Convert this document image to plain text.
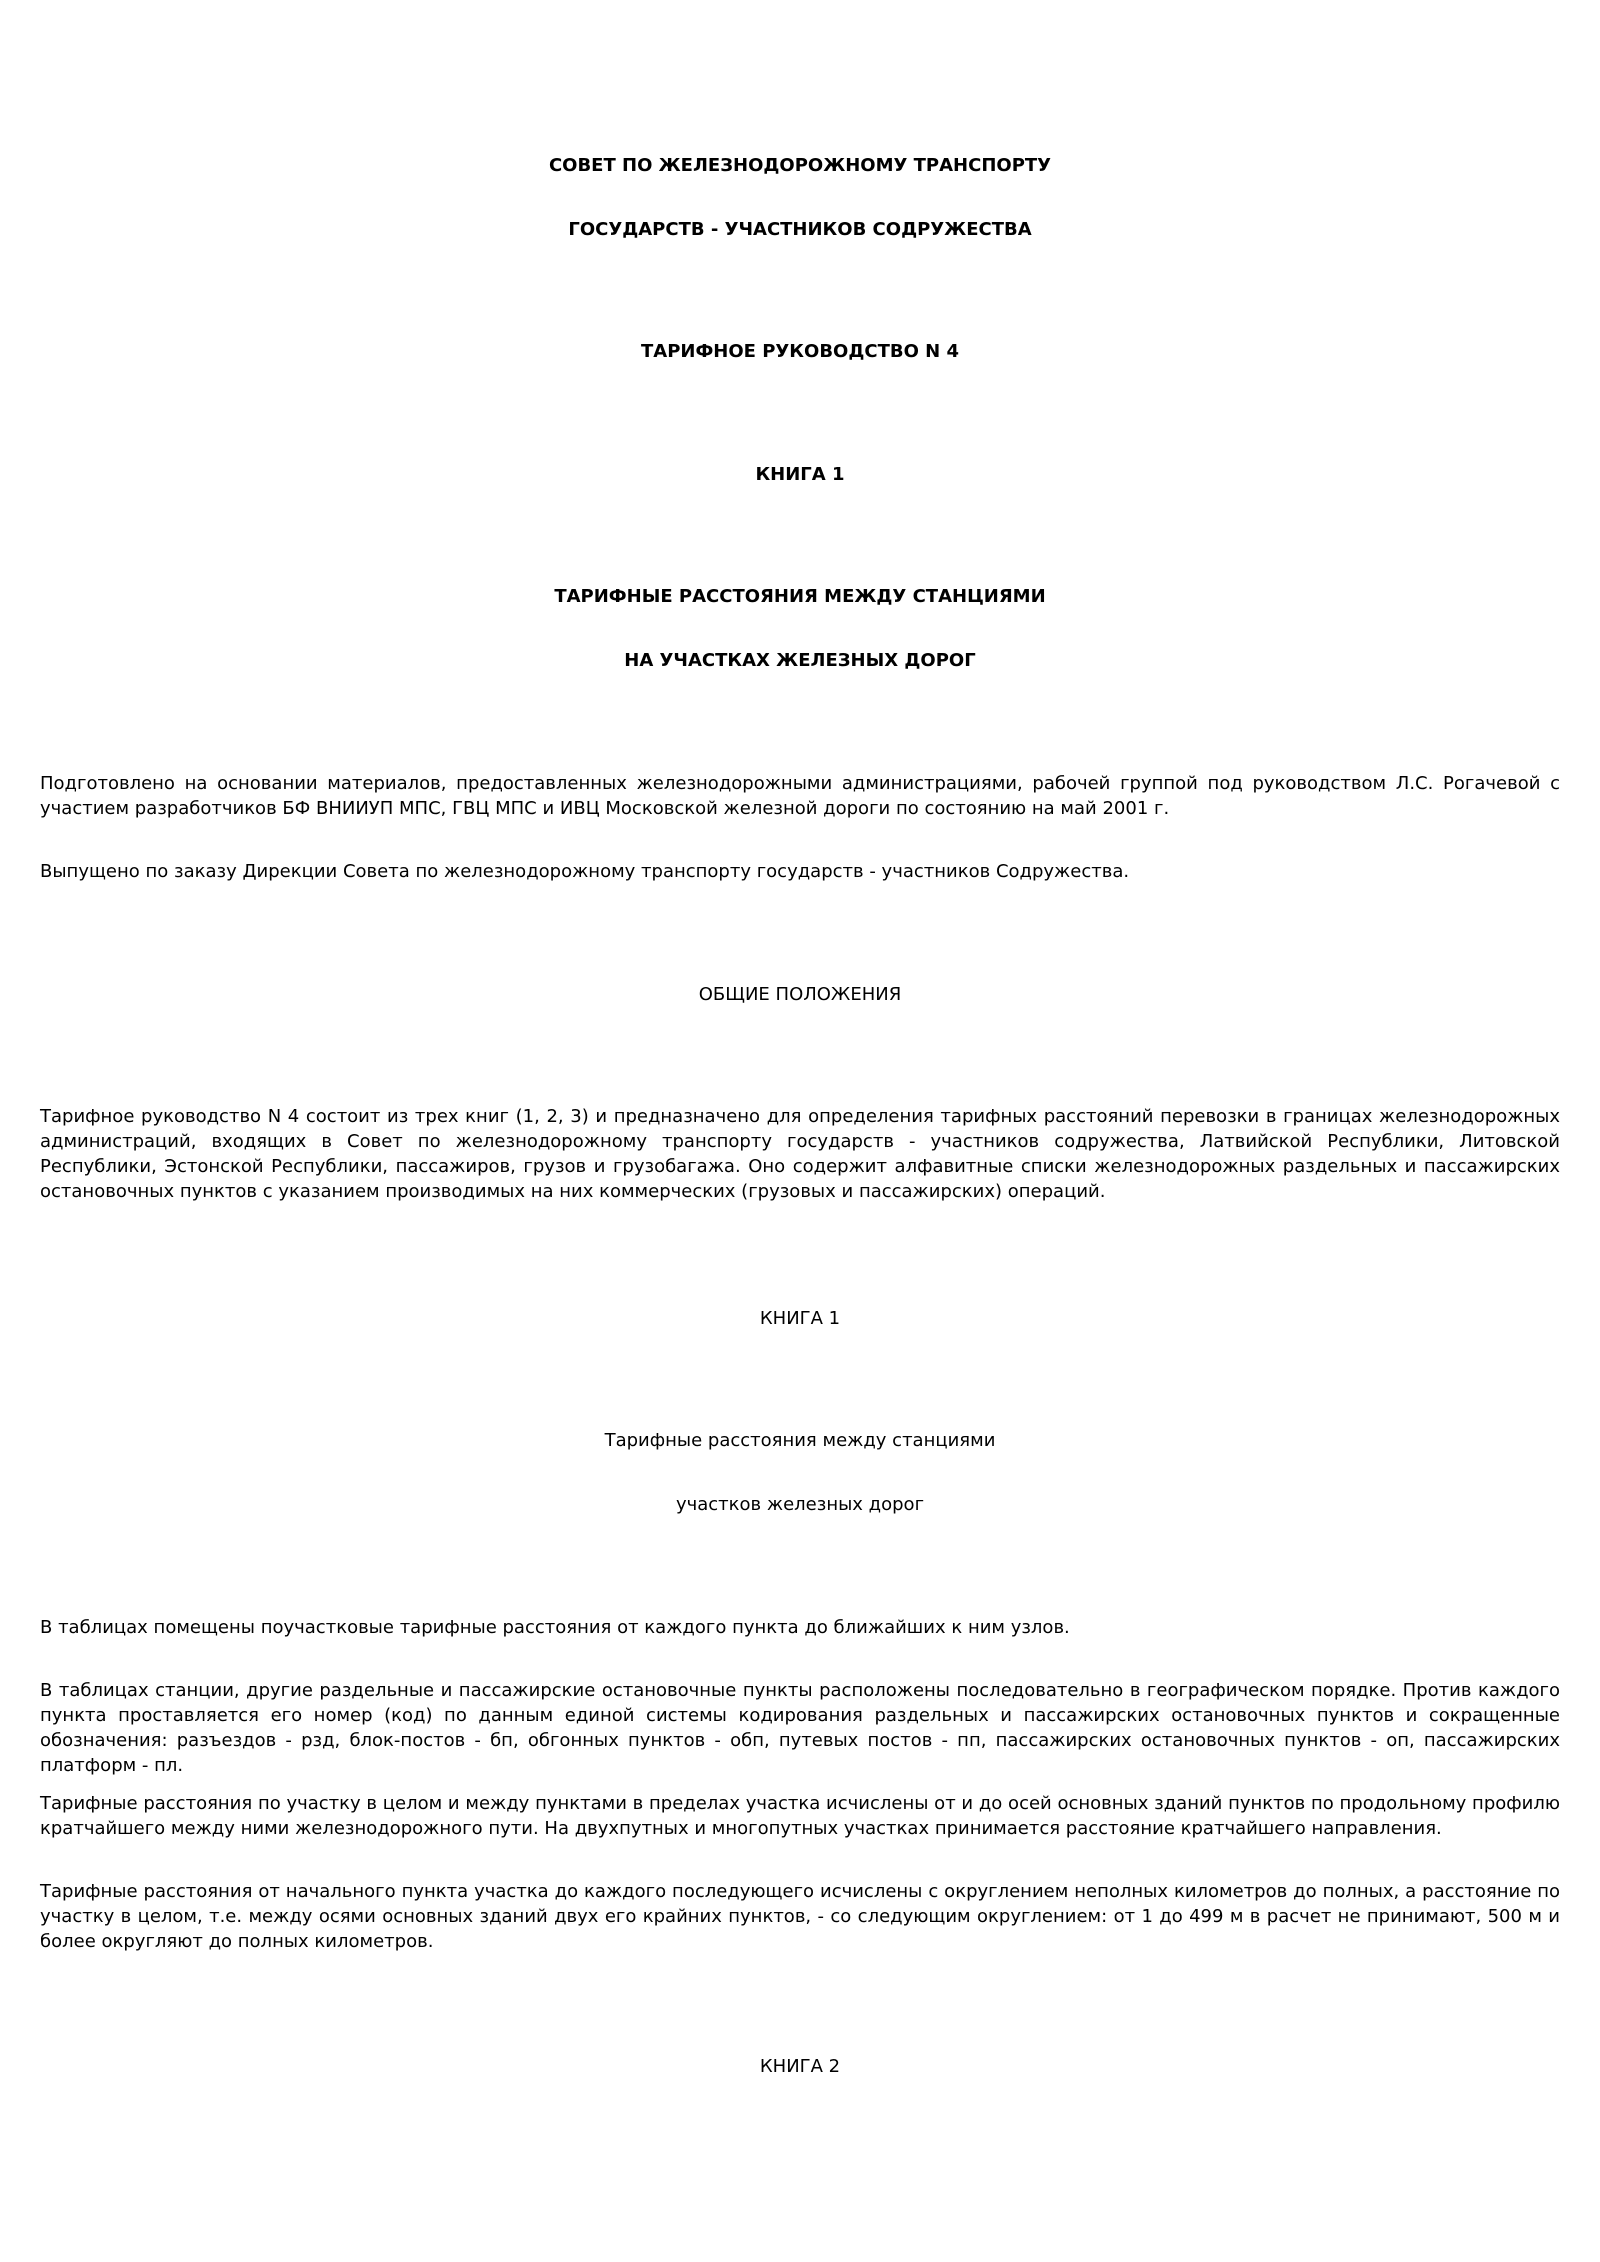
СОВЕТ ПО ЖЕЛЕЗНОДОРОЖНОМУ ТРАНСПОРТУ
ГОСУДАРСТВ - УЧАСТНИКОВ СОДРУЖЕСТВА
ТАРИФНОЕ РУКОВОДСТВО N 4
КНИГА 1
ТАРИФНЫЕ РАССТОЯНИЯ МЕЖДУ СТАНЦИЯМИ
НА УЧАСТКАХ ЖЕЛЕЗНЫХ ДОРОГ

Подготовлено на основании материалов, предоставленных железнодорожными администрациями, рабочей группой под руководством Л.С. Рогачевой с участием разработчиков БФ ВНИИУП МПС, ГВЦ МПС и ИВЦ Московской железной дороги по состоянию на май 2001 г.

Выпущено по заказу Дирекции Совета по железнодорожному транспорту государств - участников Содружества.

ОБЩИЕ ПОЛОЖЕНИЯ

Тарифное руководство N 4 состоит из трех книг (1, 2, 3) и предназначено для определения тарифных расстояний перевозки в границах железнодорожных администраций, входящих в Совет по железнодорожному транспорту государств - участников содружества, Латвийской Республики, Литовской Республики, Эстонской Республики, пассажиров, грузов и грузобагажа. Оно содержит алфавитные списки железнодорожных раздельных и пассажирских остановочных пунктов с указанием производимых на них коммерческих (грузовых и пассажирских) операций.

КНИГА 1
Тарифные расстояния между станциями
участков железных дорог

В таблицах помещены поучастковые тарифные расстояния от каждого пункта до ближайших к ним узлов.

В таблицах станции, другие раздельные и пассажирские остановочные пункты расположены последовательно в географическом порядке. Против каждого пункта проставляется его номер (код) по данным единой системы кодирования раздельных и пассажирских остановочных пунктов и сокращенные обозначения: разъездов - рзд, блок-постов - бп, обгонных пунктов - обп, путевых постов - пп, пассажирских остановочных пунктов - оп, пассажирских платформ - пл.

Тарифные расстояния по участку в целом и между пунктами в пределах участка исчислены от и до осей основных зданий пунктов по продольному профилю кратчайшего между ними железнодорожного пути. На двухпутных и многопутных участках принимается расстояние кратчайшего направления.

Тарифные расстояния от начального пункта участка до каждого последующего исчислены с округлением неполных километров до полных, а расстояние по участку в целом, т.е. между осями основных зданий двух его крайних пунктов, - со следующим округлением: от 1 до 499 м в расчет не принимают, 500 м и более округляют до полных километров.

КНИГА 2
